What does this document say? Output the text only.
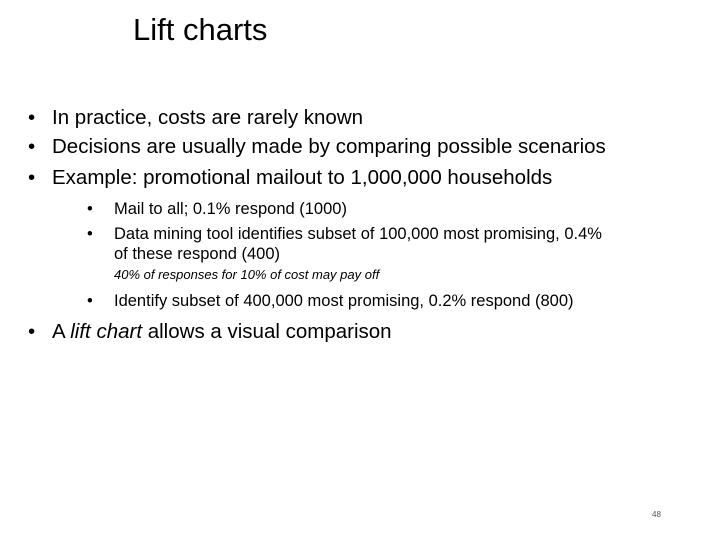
Lift charts
• In practice, costs are rarely known
• Decisions are usually made by comparing possible scenarios
• Example: promotional mailout to 1,000,000 households
• Mail to all; 0.1% respond (1000)
• Data mining tool identifies subset of 100,000 most promising, 0.4%
of these respond (400)
40% of responses for 10% of cost may pay off
• Identify subset of 400,000 most promising, 0.2% respond (800)
• A lift chart allows a visual comparison
48
